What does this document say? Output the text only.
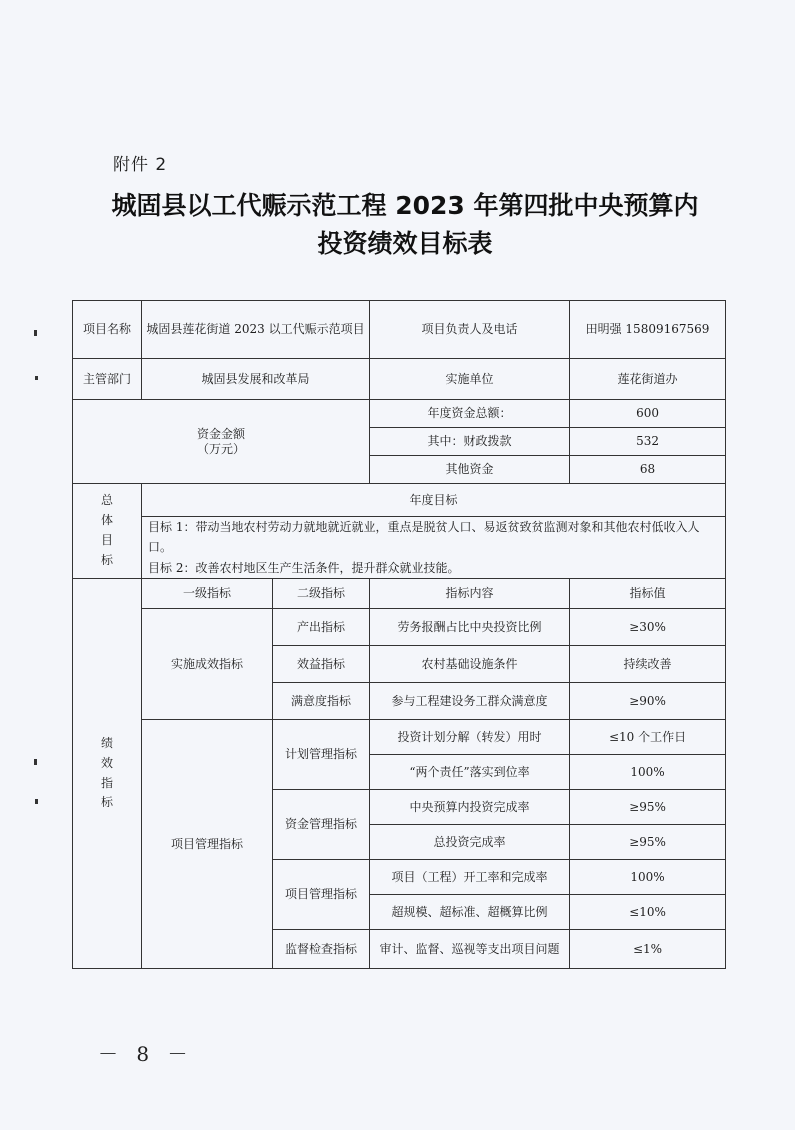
附件 2
城固县以工代赈示范工程 2023 年第四批中央预算内
投资绩效目标表
项目名称	城固县莲花街道 2023 以工代赈示范项目		项目负责人及电话	田明强 15809167569
主管部门	城固县发展和改革局		实施单位	莲花街道办

资金金额
（万元）			年度资金总额：	600
			其中：财政拨款	532
			其他资金	68
总
体
目
标	年度目标			
	目标 1：带动当地农村劳动力就地就近就业，重点是脱贫人口、易返贫致贫监测对象和其他农村低收入人口。
目标 2：改善农村地区生产生活条件，提升群众就业技能。			
绩
效
指
标	一级指标	二级指标	指标内容	指标值
	实施成效指标	产出指标	劳务报酬占比中央投资比例	≥30%
		效益指标	农村基础设施条件	持续改善
		满意度指标	参与工程建设务工群众满意度	≥90%
	项目管理指标	计划管理指标	投资计划分解（转发）用时	≤10 个工作日
			“两个责任”落实到位率	100%
		资金管理指标	中央预算内投资完成率	≥95%
			总投资完成率	≥95%
		项目管理指标	项目（工程）开工率和完成率	100%
			超规模、超标准、超概算比例	≤10%
		监督检查指标	审计、监督、巡视等支出项目问题	≤1%
－ 8 －
